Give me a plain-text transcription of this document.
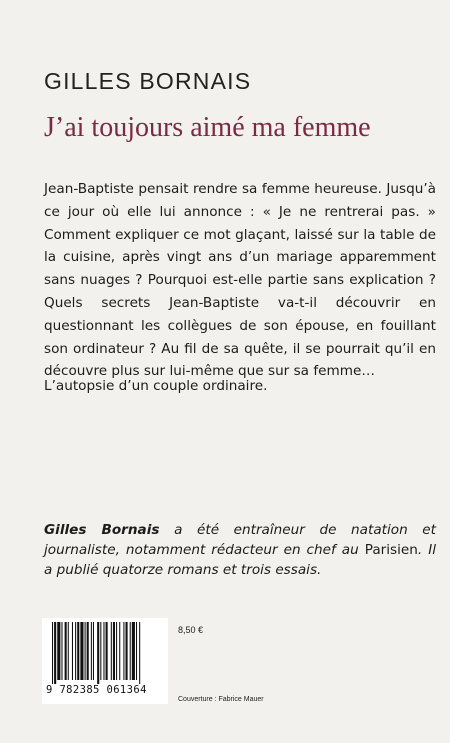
GILLES BORNAIS
J’ai toujours aimé ma femme

Jean-Baptiste pensait rendre sa femme heureuse. Jusqu’à ce jour où elle lui annonce : « Je ne rentrerai pas. » Comment expliquer ce mot glaçant, laissé sur la table de la cuisine, après vingt ans d’un mariage apparemment sans nuages ? Pourquoi est-elle partie sans explication ? Quels secrets Jean-Baptiste va-t-il découvrir en questionnant les collègues de son épouse, en fouillant son ordinateur ? Au fil de sa quête, il se pourrait qu’il en découvre plus sur lui-même que sur sa femme…

L’autopsie d’un couple ordinaire.
Gilles Bornais a été entraîneur de natation et journaliste, notamment rédacteur en chef au Parisien. Il a publié quatorze romans et trois essais.
9 782385 061364
8,50 €
Couverture : Fabrice Mauer
